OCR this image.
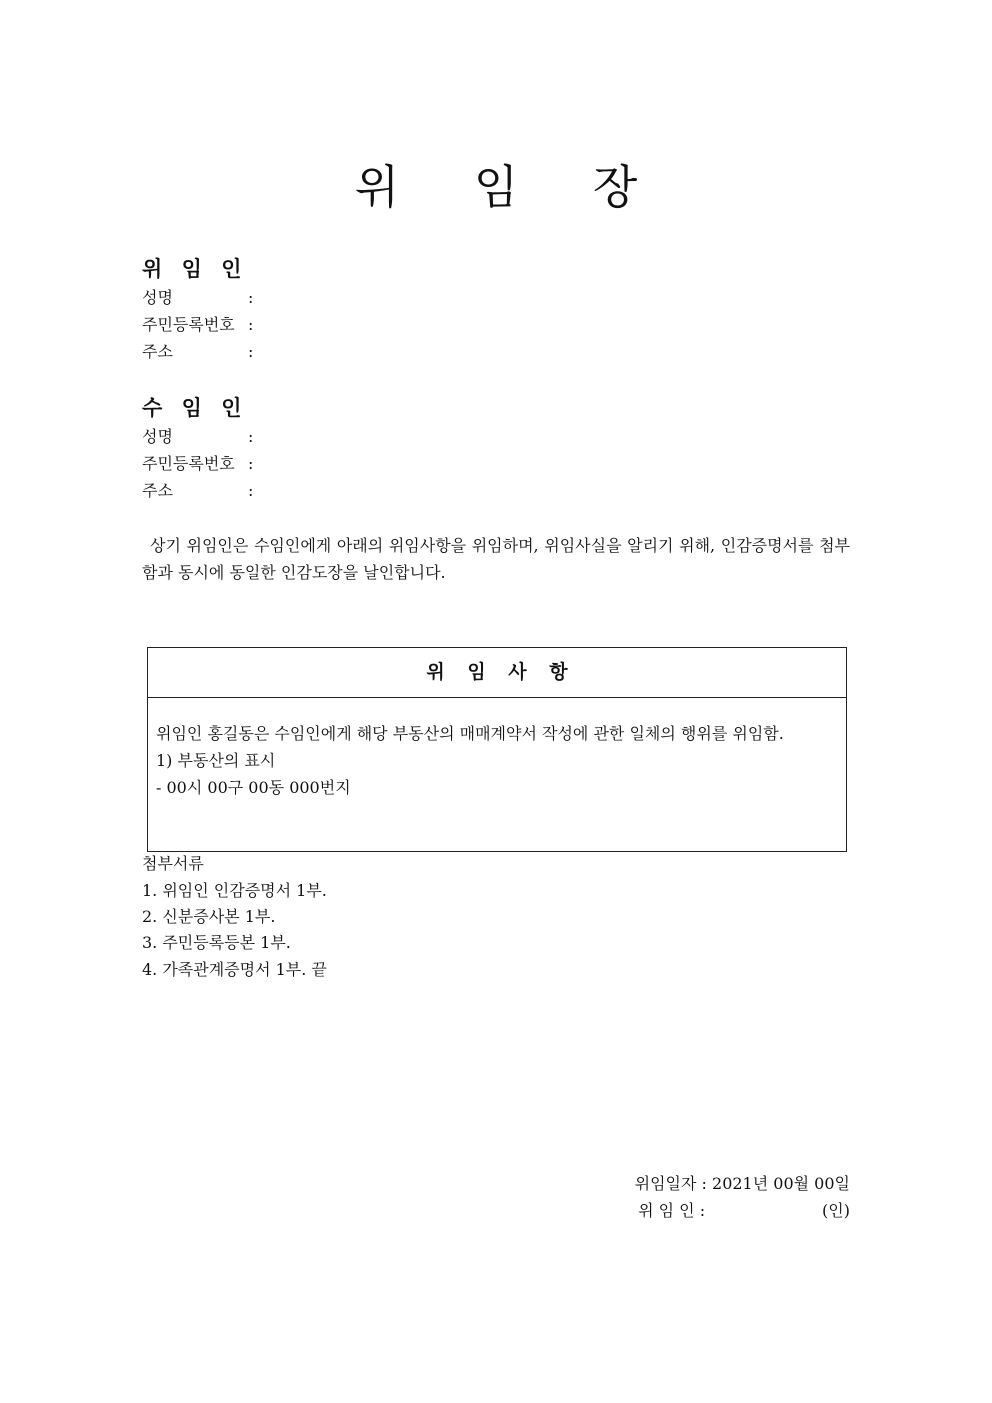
위 임 장
위 임 인
성명	:
주민등록번호 :
주소	:
수 임 인
성명	:
주민등록번호 :
주소	:
상기 위임인은 수임인에게 아래의 위임사항을 위임하며, 위임사실을 알리기 위해, 인감증명서를 첨부함과 동시에 동일한 인감도장을 날인합니다.
위 임 사 항
위임인 홍길동은 수임인에게 해당 부동산의 매매계약서 작성에 관한 일체의 행위를 위임함.
1) 부동산의 표시
- 00시 00구 00동 000번지
첨부서류
1. 위임인 인감증명서 1부.
2. 신분증사본 1부.
3. 주민등록등본 1부.
4. 가족관계증명서 1부. 끝
위임일자 : 2021년 00월 00일
위 임 인 :                       (인)
